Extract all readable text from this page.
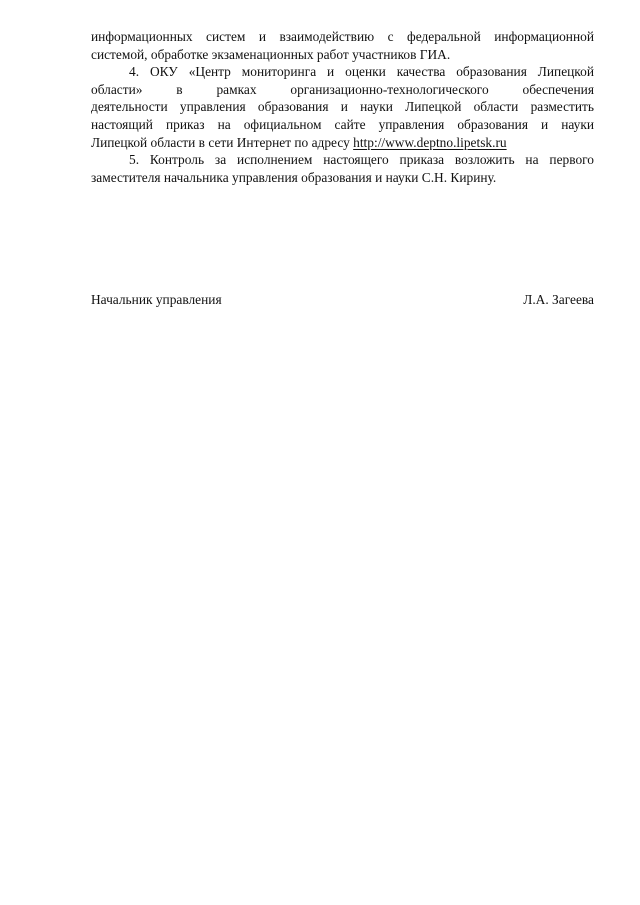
информационных систем и взаимодействию с федеральной информационной
системой, обработке экзаменационных работ участников ГИА.
4. ОКУ «Центр мониторинга и оценки качества образования Липецкой
области» в рамках организационно-технологического обеспечения
деятельности управления образования и науки Липецкой области разместить
настоящий приказ на официальном сайте управления образования и науки
Липецкой области в сети Интернет по адресу http://www.deptno.lipetsk.ru
5. Контроль за исполнением настоящего приказа возложить на первого
заместителя начальника управления образования и науки С.Н. Кирину.
Начальник управления	Л.А. Загеева
